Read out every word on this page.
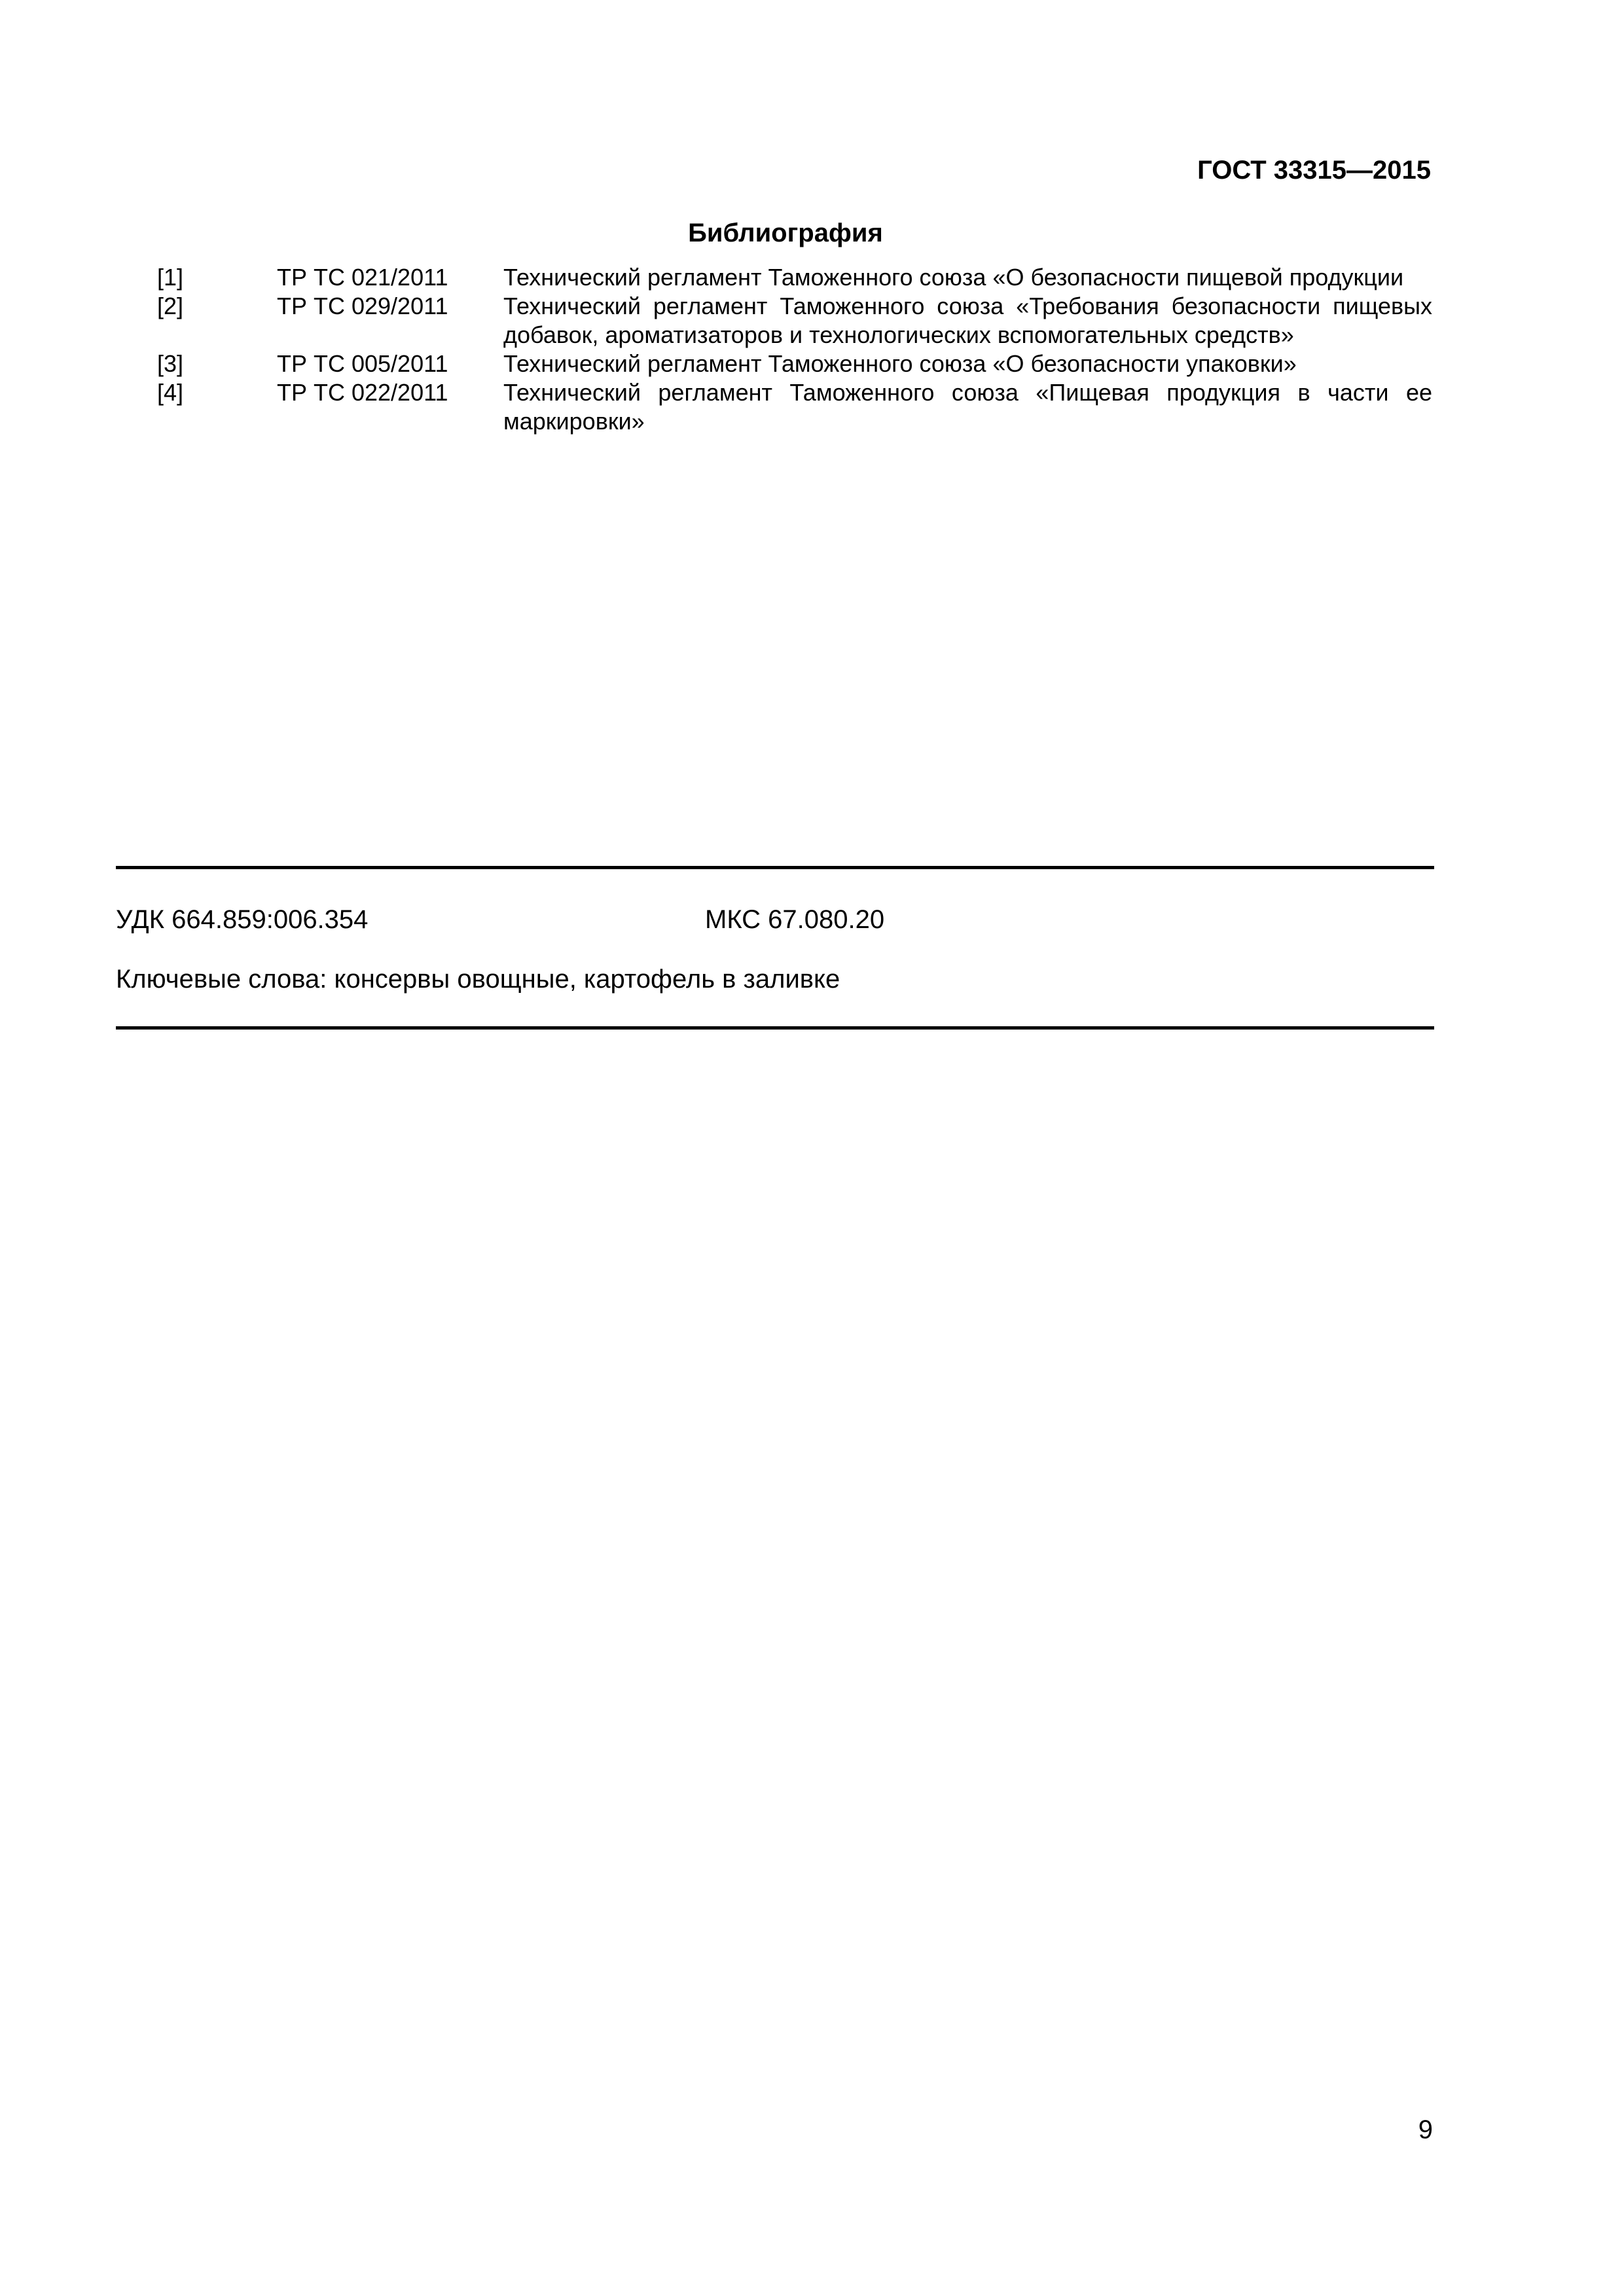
ГОСТ 33315—2015
Библиография
[1]	ТР ТС 021/2011	Технический регламент Таможенного союза «О безопасности пищевой продукции
[2]	ТР ТС 029/2011	Технический регламент Таможенного союза «Требования безопасности пищевых добавок, ароматизаторов и технологических вспомогательных средств»
[3]	ТР ТС 005/2011	Технический регламент Таможенного союза «О безопасности упаковки»
[4]	ТР ТС 022/2011	Технический регламент Таможенного союза «Пищевая продукция в части ее маркировки»
УДК 664.859:006.354	МКС 67.080.20
Ключевые слова: консервы овощные, картофель в заливке
9
